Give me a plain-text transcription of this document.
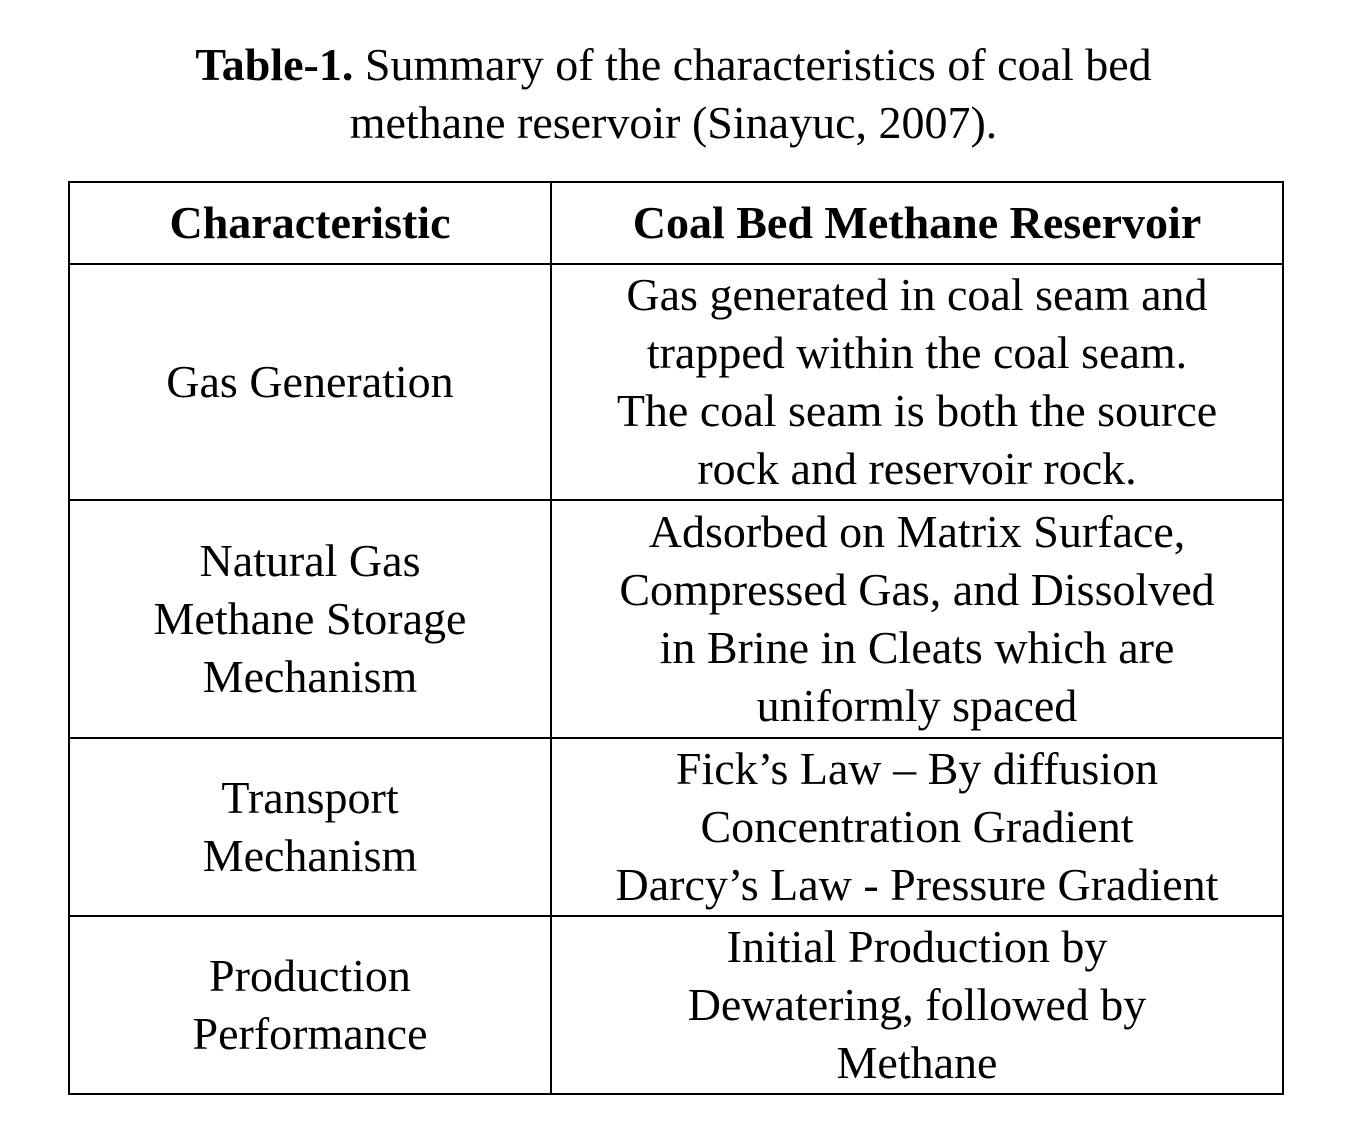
Table-1. Summary of the characteristics of coal bed
methane reservoir (Sinayuc, 2007).
Characteristic	Coal Bed Methane Reservoir

Gas Generation	Gas generated in coal seam and
trapped within the coal seam.
The coal seam is both the source
rock and reservoir rock.

Natural Gas
Methane Storage
Mechanism	Adsorbed on Matrix Surface,
Compressed Gas, and Dissolved
in Brine in Cleats which are
uniformly spaced

Transport
Mechanism	Fick’s Law – By diffusion
Concentration Gradient
Darcy’s Law - Pressure Gradient

Production
Performance	Initial Production by
Dewatering, followed by
Methane
